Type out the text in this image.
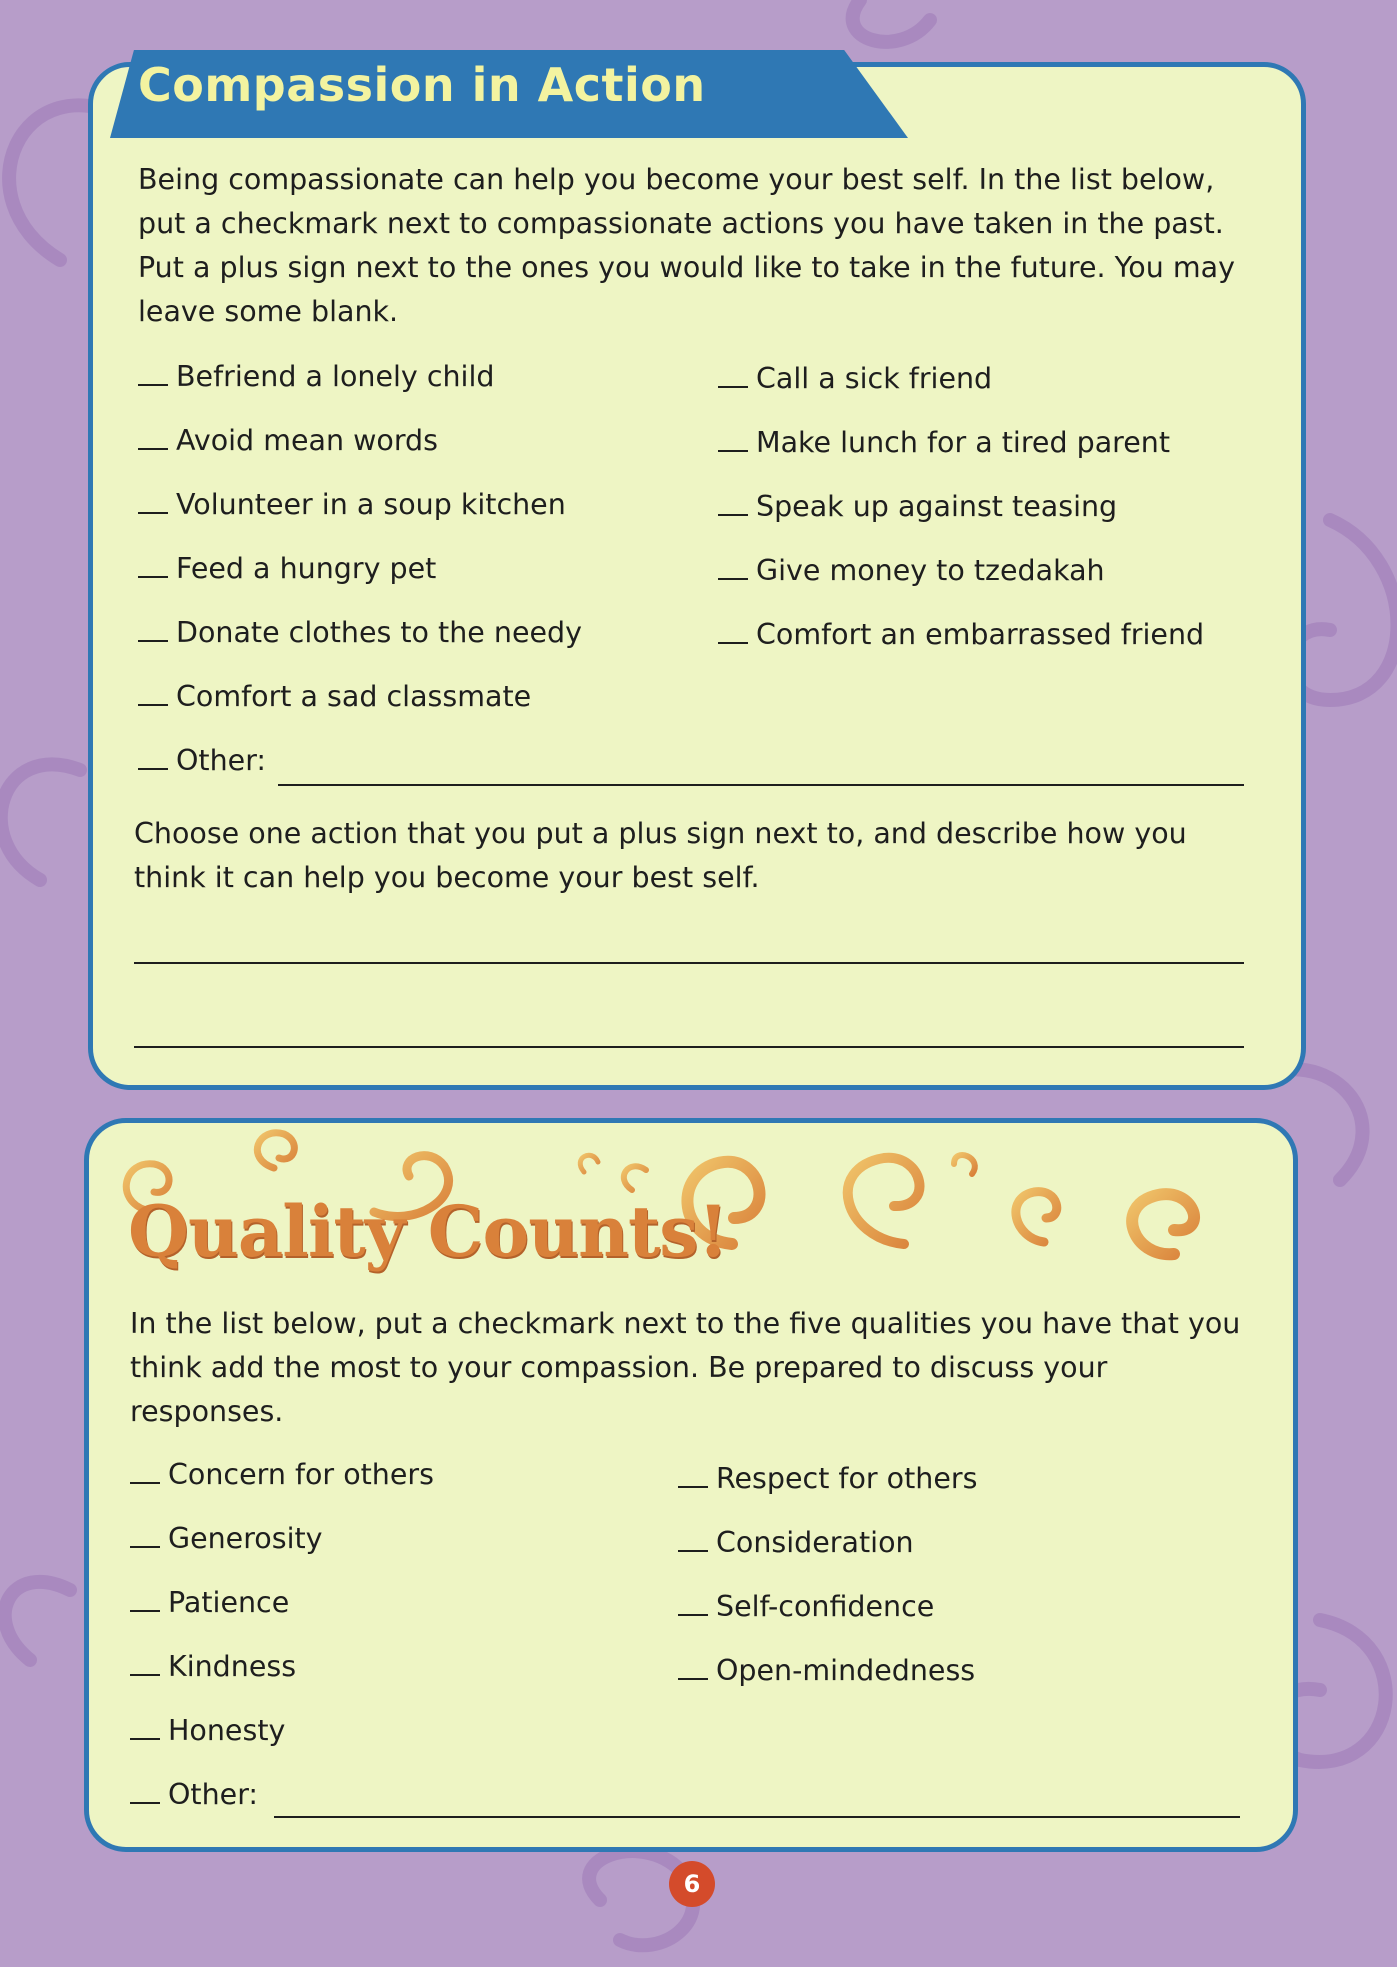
Compassion in Action
Being compassionate can help you become your best self. In the list below, put a checkmark next to compassionate actions you have taken in the past. Put a plus sign next to the ones you would like to take in the future. You may leave some blank.
Befriend a lonely child
Avoid mean words
Volunteer in a soup kitchen
Feed a hungry pet
Donate clothes to the needy
Comfort a sad classmate
Other:
Call a sick friend
Make lunch for a tired parent
Speak up against teasing
Give money to tzedakah
Comfort an embarrassed friend
Choose one action that you put a plus sign next to, and describe how you think it can help you become your best self.
Quality Counts!
In the list below, put a checkmark next to the five qualities you have that you think add the most to your compassion. Be prepared to discuss your responses.
Concern for others
Generosity
Patience
Kindness
Honesty
Other:
Respect for others
Consideration
Self-confidence
Open-mindedness
6
